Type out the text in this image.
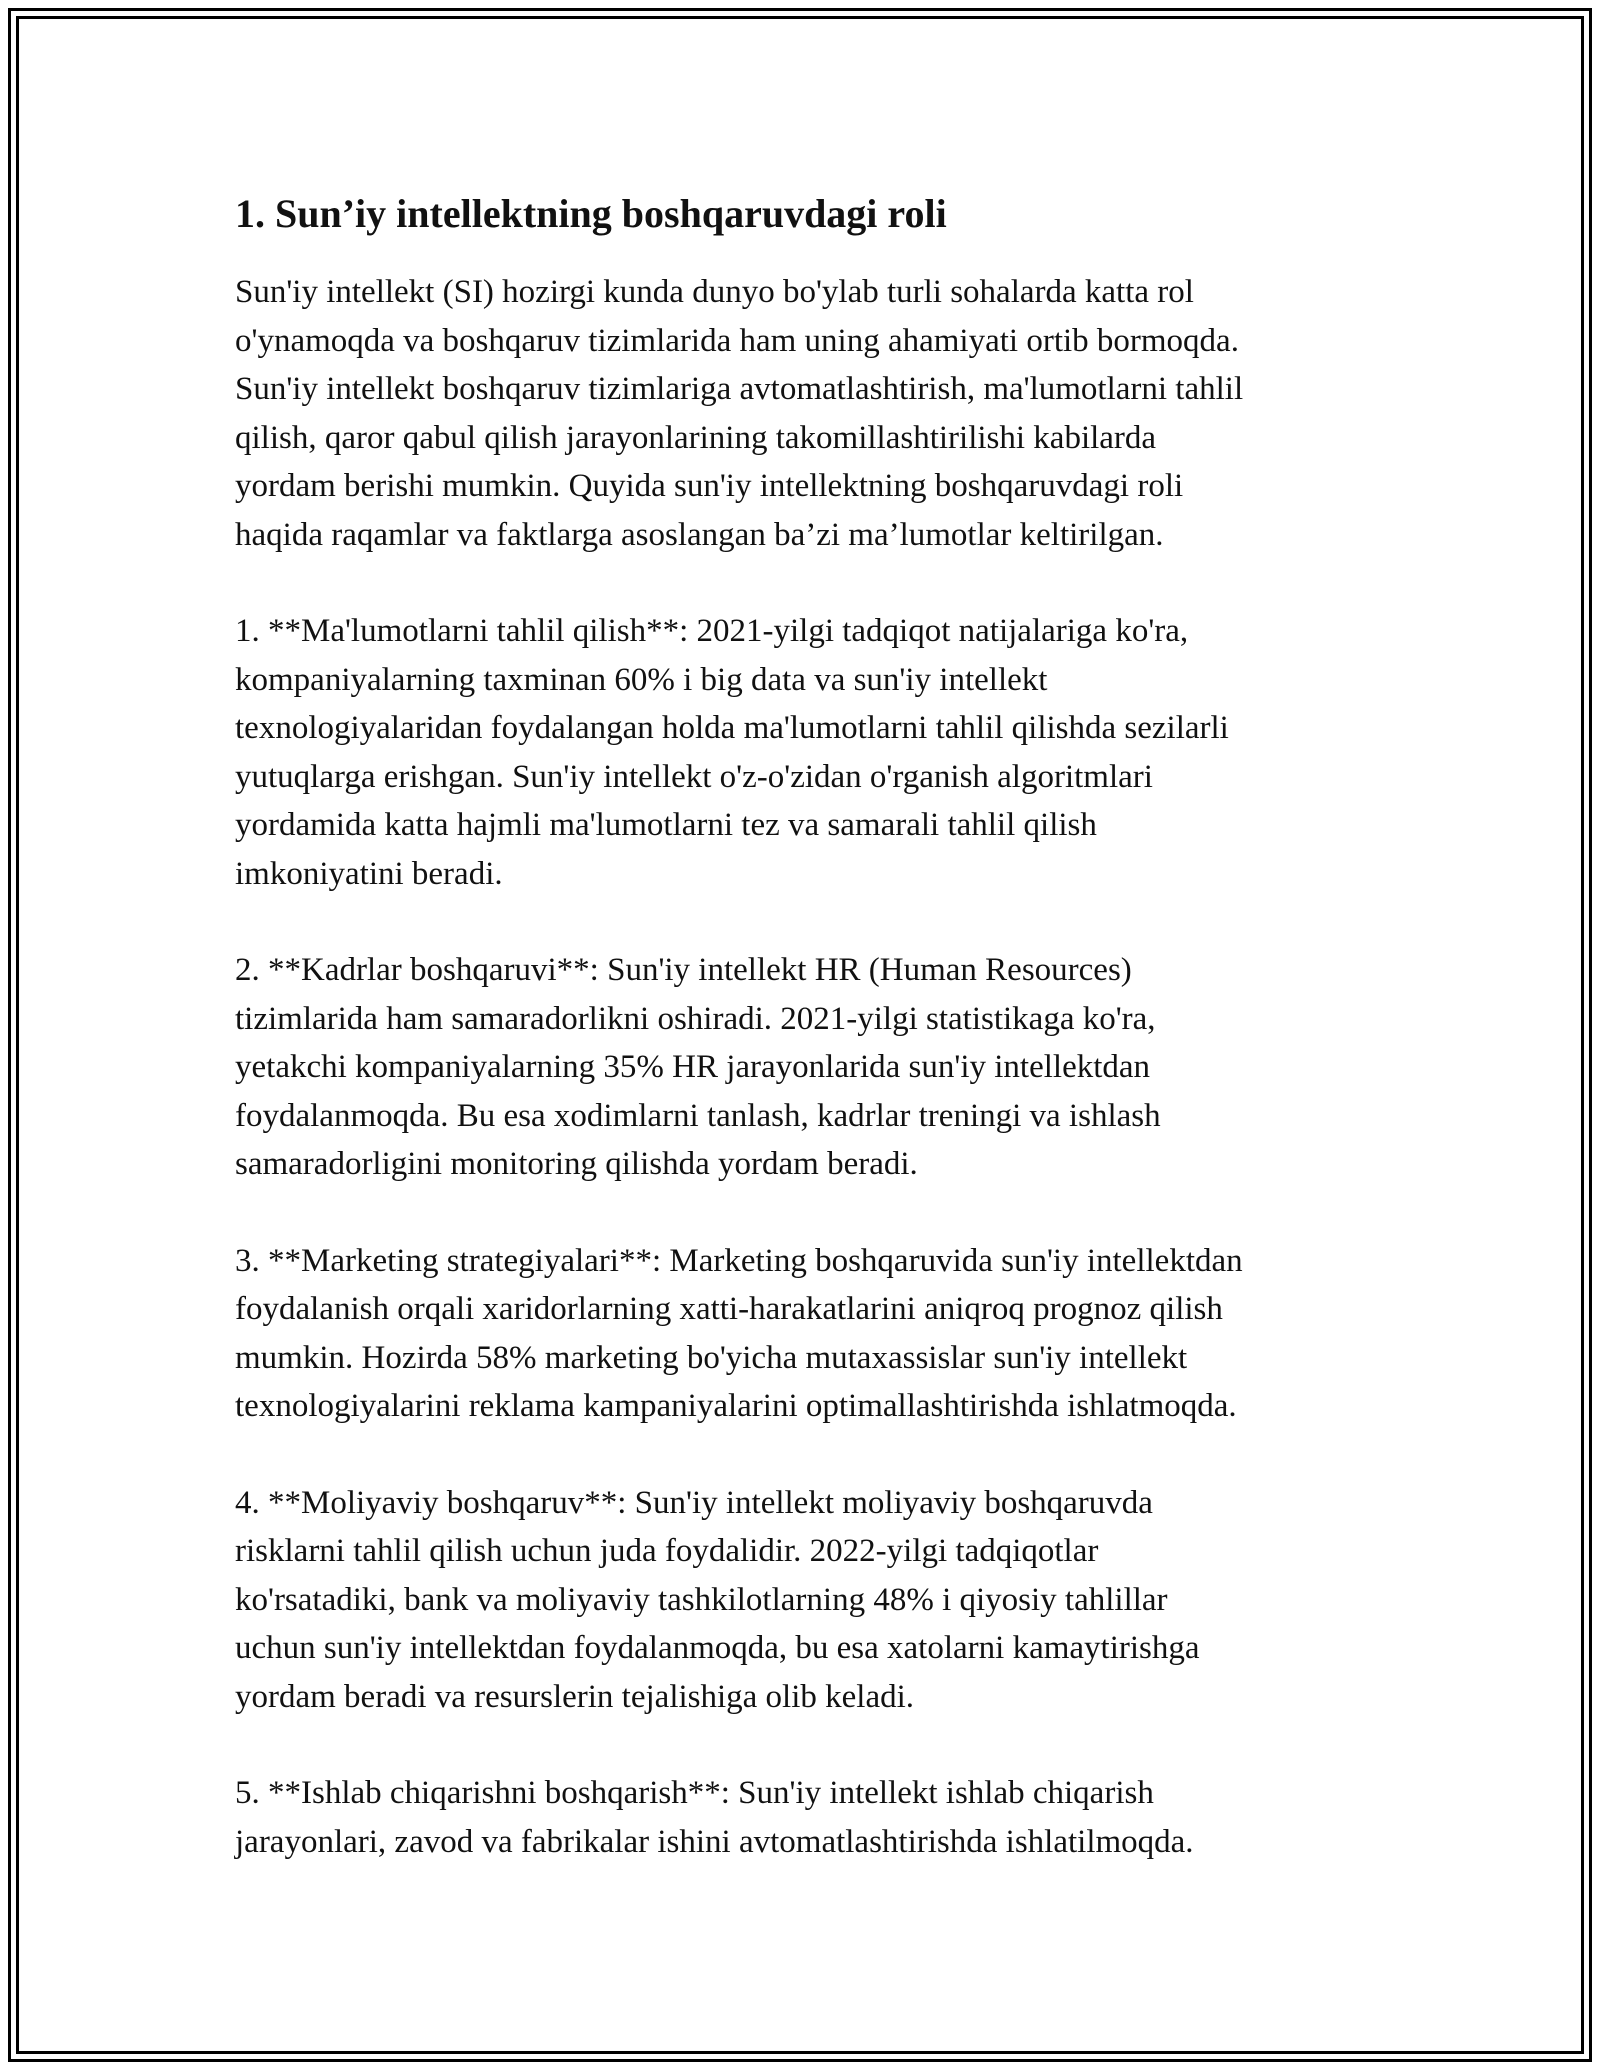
1. Sun’iy intellektning boshqaruvdagi roli

Sun'iy intellekt (SI) hozirgi kunda dunyo bo'ylab turli sohalarda katta rol
o'ynamoqda va boshqaruv tizimlarida ham uning ahamiyati ortib bormoqda.
Sun'iy intellekt boshqaruv tizimlariga avtomatlashtirish, ma'lumotlarni tahlil
qilish, qaror qabul qilish jarayonlarining takomillashtirilishi kabilarda
yordam berishi mumkin. Quyida sun'iy intellektning boshqaruvdagi roli
haqida raqamlar va faktlarga asoslangan ba’zi ma’lumotlar keltirilgan.

1. **Ma'lumotlarni tahlil qilish**: 2021-yilgi tadqiqot natijalariga ko'ra,
kompaniyalarning taxminan 60% i big data va sun'iy intellekt
texnologiyalaridan foydalangan holda ma'lumotlarni tahlil qilishda sezilarli
yutuqlarga erishgan. Sun'iy intellekt o'z-o'zidan o'rganish algoritmlari
yordamida katta hajmli ma'lumotlarni tez va samarali tahlil qilish
imkoniyatini beradi.

2. **Kadrlar boshqaruvi**: Sun'iy intellekt HR (Human Resources)
tizimlarida ham samaradorlikni oshiradi. 2021-yilgi statistikaga ko'ra,
yetakchi kompaniyalarning 35% HR jarayonlarida sun'iy intellektdan
foydalanmoqda. Bu esa xodimlarni tanlash, kadrlar treningi va ishlash
samaradorligini monitoring qilishda yordam beradi.

3. **Marketing strategiyalari**: Marketing boshqaruvida sun'iy intellektdan
foydalanish orqali xaridorlarning xatti-harakatlarini aniqroq prognoz qilish
mumkin. Hozirda 58% marketing bo'yicha mutaxassislar sun'iy intellekt
texnologiyalarini reklama kampaniyalarini optimallashtirishda ishlatmoqda.

4. **Moliyaviy boshqaruv**: Sun'iy intellekt moliyaviy boshqaruvda
risklarni tahlil qilish uchun juda foydalidir. 2022-yilgi tadqiqotlar
ko'rsatadiki, bank va moliyaviy tashkilotlarning 48% i qiyosiy tahlillar
uchun sun'iy intellektdan foydalanmoqda, bu esa xatolarni kamaytirishga
yordam beradi va resurslerin tejalishiga olib keladi.

5. **Ishlab chiqarishni boshqarish**: Sun'iy intellekt ishlab chiqarish
jarayonlari, zavod va fabrikalar ishini avtomatlashtirishda ishlatilmoqda.
